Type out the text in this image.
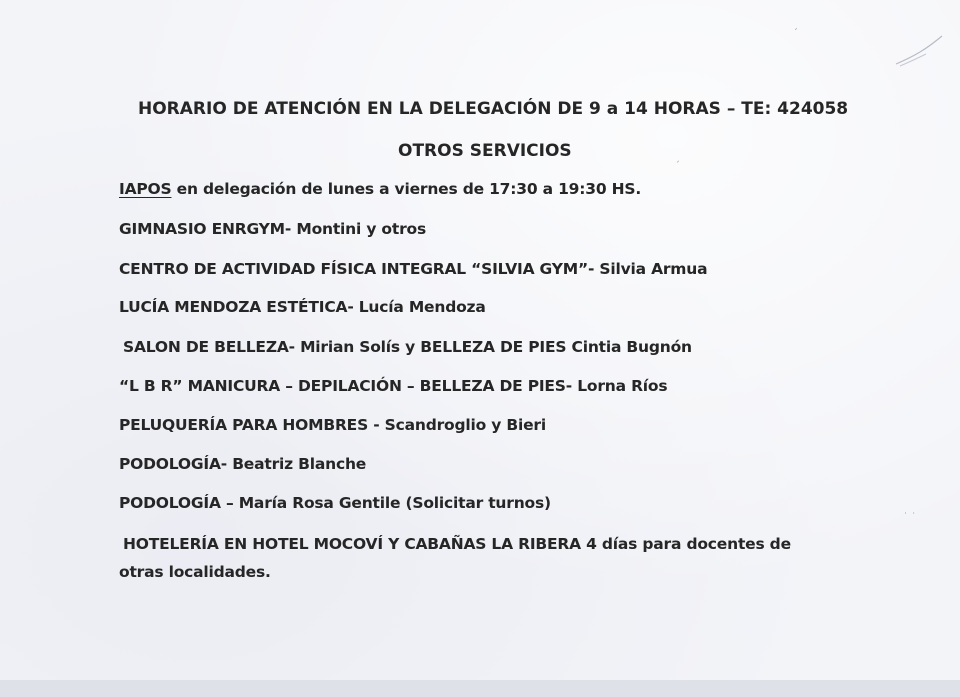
ˊ
ˏ
˙ ˙
HORARIO DE ATENCIÓN EN LA DELEGACIÓN DE 9 a 14 HORAS – TE: 424058
OTROS SERVICIOS

IAPOS en delegación de lunes a viernes de 17:30 a 19:30 HS.

GIMNASIO ENRGYM- Montini y otros

CENTRO DE ACTIVIDAD FÍSICA INTEGRAL “SILVIA GYM”- Silvia Armua

LUCÍA MENDOZA ESTÉTICA- Lucía Mendoza

SALON DE BELLEZA- Mirian Solís y BELLEZA DE PIES Cintia Bugnón

“L B R” MANICURA – DEPILACIÓN – BELLEZA DE PIES- Lorna Ríos

PELUQUERÍA PARA HOMBRES - Scandroglio y Bieri

PODOLOGÍA- Beatriz Blanche

PODOLOGÍA – María Rosa Gentile (Solicitar turnos)

HOTELERÍA EN HOTEL MOCOVÍ Y CABAÑAS LA RIBERA 4 días para docentes de otras localidades.
